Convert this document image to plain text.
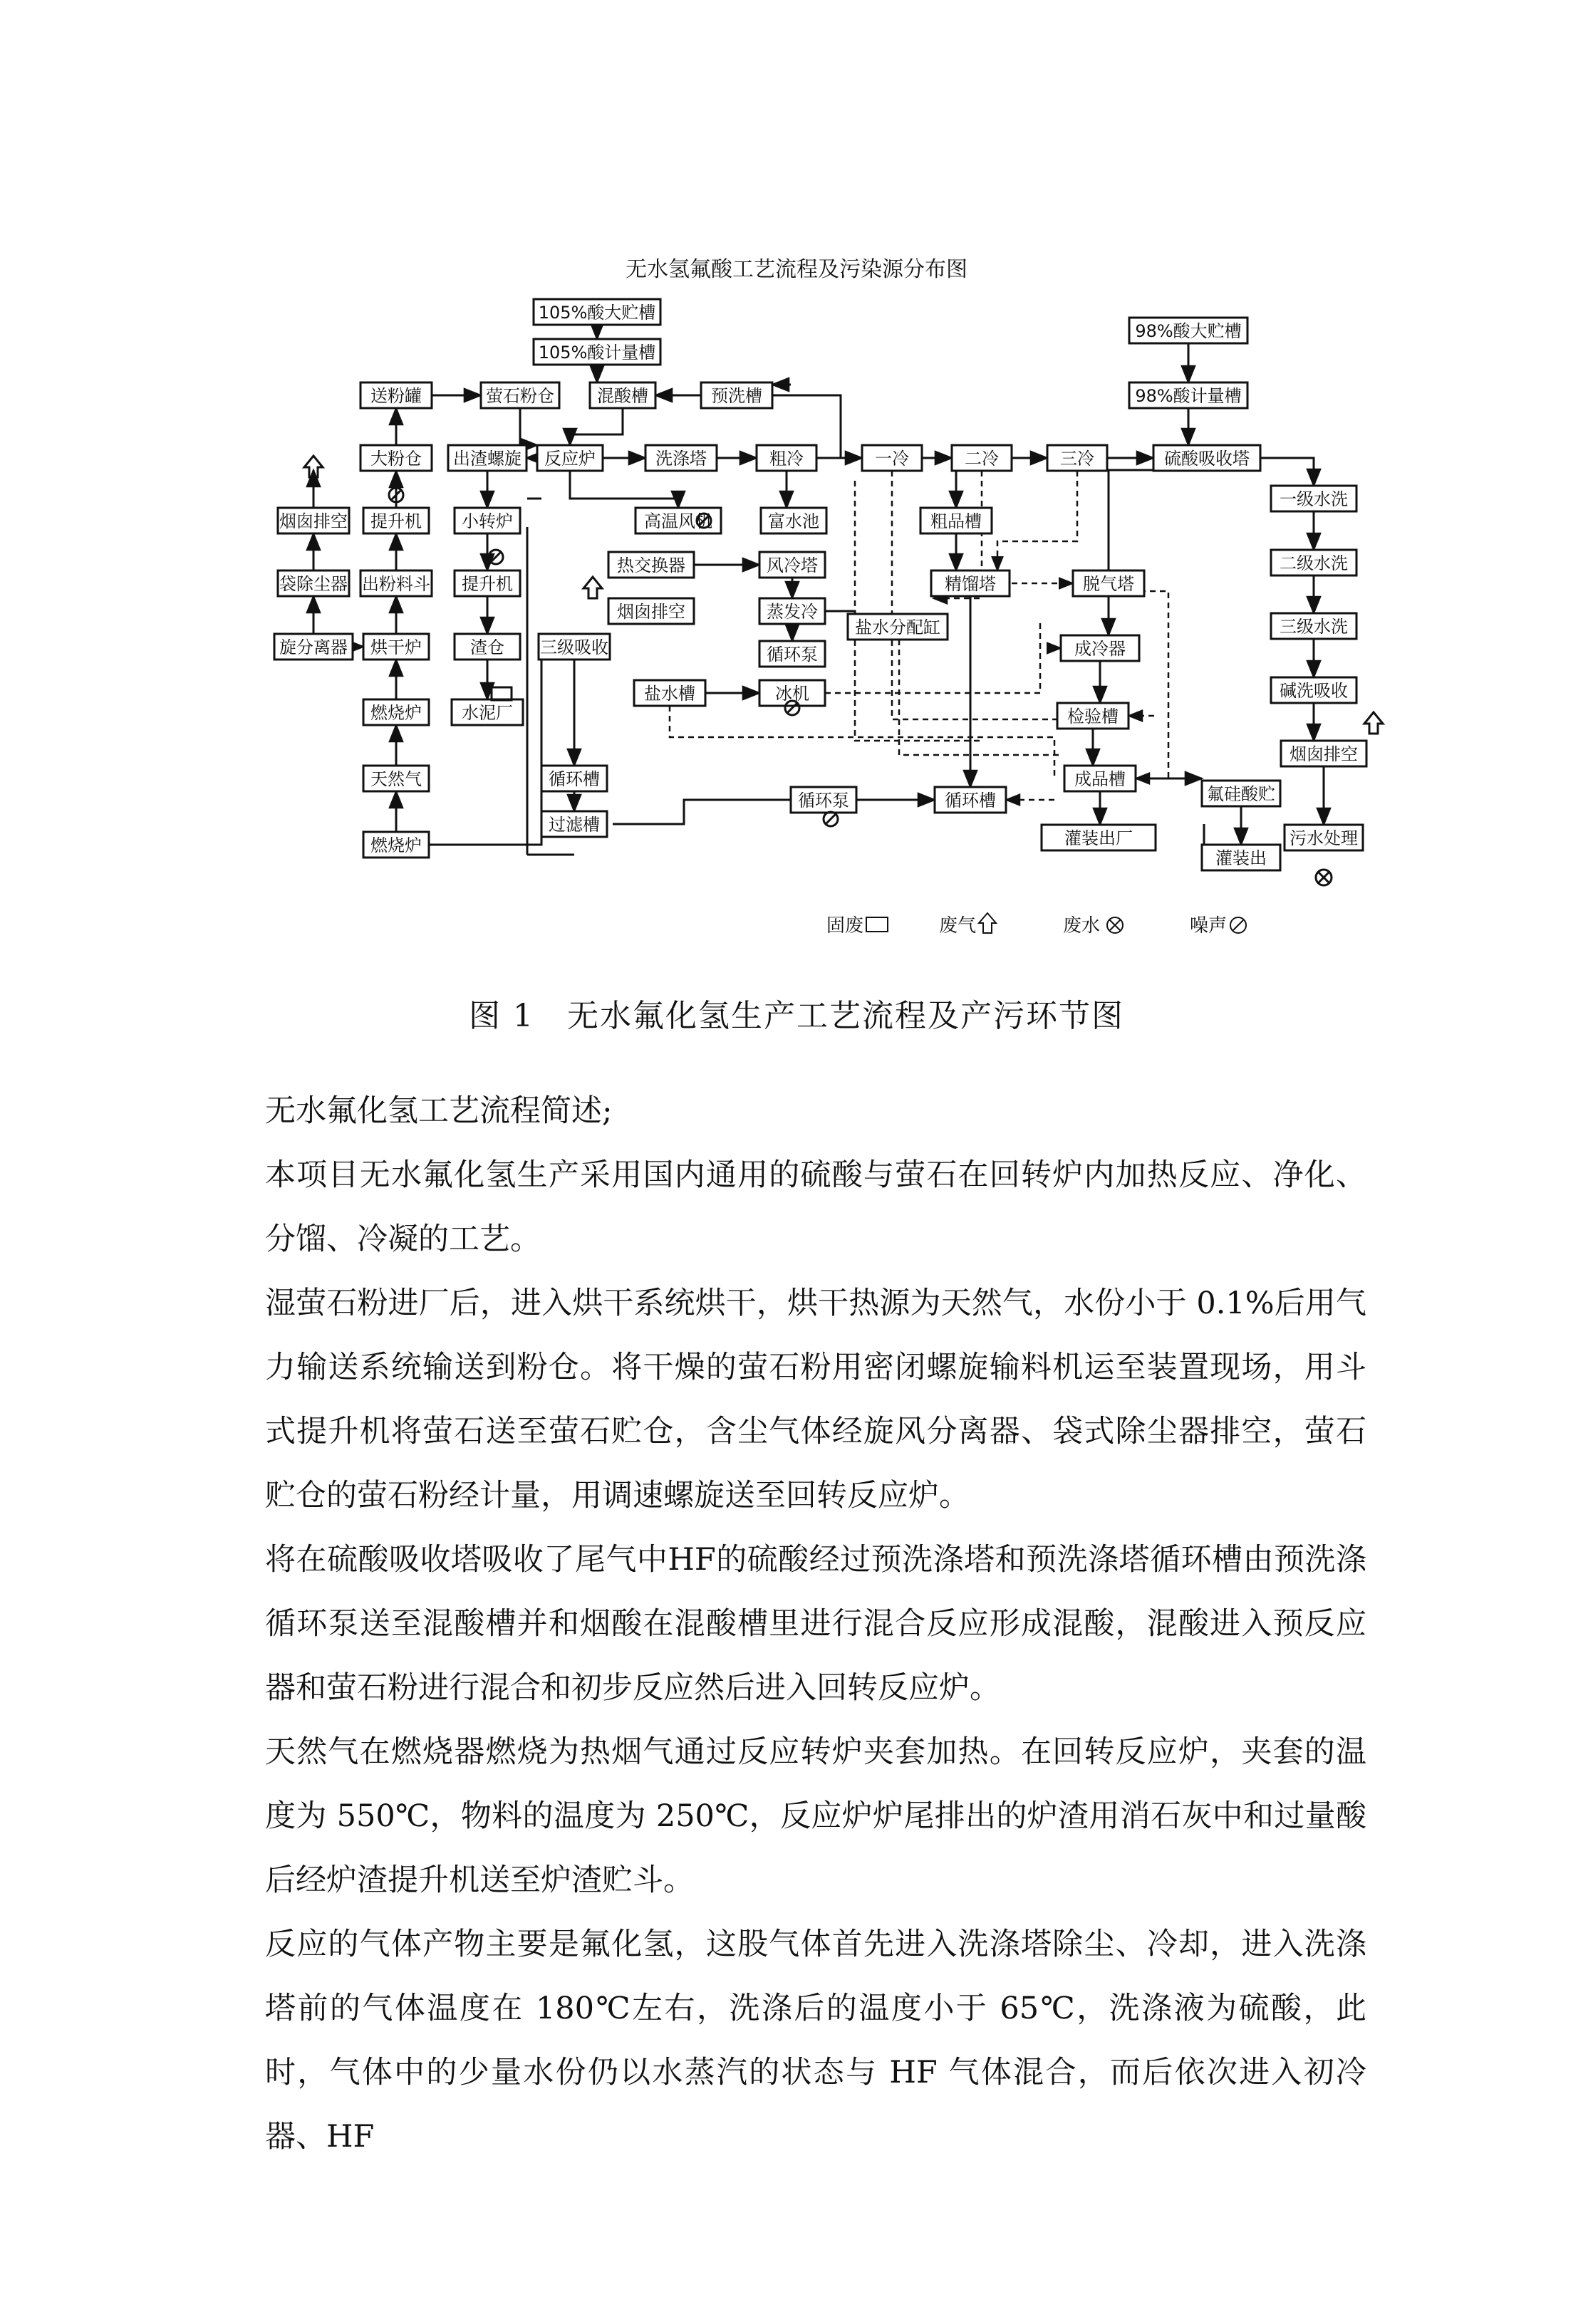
无水氢氟酸工艺流程及污染源分布图
105%酸大贮槽
105%酸计量槽
98%酸大贮槽
98%酸计量槽
送粉罐	萤石粉仓	混酸槽	预洗槽
大粉仓 出渣螺旋 反应炉	洗涤塔	粗冷	一冷	二冷	三冷	硫酸吸收塔
提升机 小转炉	高温风机	富水池	粗品槽
一级水洗
烟囱排空
出粉料斗 提升机
热交换器	风冷塔
精馏塔	脱气塔
二级水洗
袋除尘器
烟囱排空	蒸发冷
三级水洗
旋分离器 烘干炉	渣仓 三级吸收	循环泵
盐水分配缸
成冷器
燃烧炉 水泥厂
盐水槽	冰机	碱洗吸收
检验槽
烟囱排空
天然气	循环槽
循环泵	循环槽
成品槽
氟硅酸贮
燃烧炉
过滤槽
灌装出厂
灌装出
污水处理
固废	废气	废水	噪声
图 1　无水氟化氢生产工艺流程及产污环节图

无水氟化氢工艺流程简述;

本项目无水氟化氢生产采用国内通用的硫酸与萤石在回转炉内加热反应、净化、分馏、冷凝的工艺。

湿萤石粉进厂后，进入烘干系统烘干，烘干热源为天然气，水份小于 0.1%后用气力输送系统输送到粉仓。将干燥的萤石粉用密闭螺旋输料机运至装置现场，用斗式提升机将萤石送至萤石贮仓，含尘气体经旋风分离器、袋式除尘器排空，萤石贮仓的萤石粉经计量，用调速螺旋送至回转反应炉。

将在硫酸吸收塔吸收了尾气中HF的硫酸经过预洗涤塔和预洗涤塔循环槽由预洗涤循环泵送至混酸槽并和烟酸在混酸槽里进行混合反应形成混酸，混酸进入预反应器和萤石粉进行混合和初步反应然后进入回转反应炉。

天然气在燃烧器燃烧为热烟气通过反应转炉夹套加热。在回转反应炉，夹套的温度为 550℃，物料的温度为 250℃，反应炉炉尾排出的炉渣用消石灰中和过量酸后经炉渣提升机送至炉渣贮斗。

反应的气体产物主要是氟化氢，这股气体首先进入洗涤塔除尘、冷却，进入洗涤塔前的气体温度在 180℃左右，洗涤后的温度小于 65℃，洗涤液为硫酸，此时，气体中的少量水份仍以水蒸汽的状态与 HF 气体混合，而后依次进入初冷器、HF
